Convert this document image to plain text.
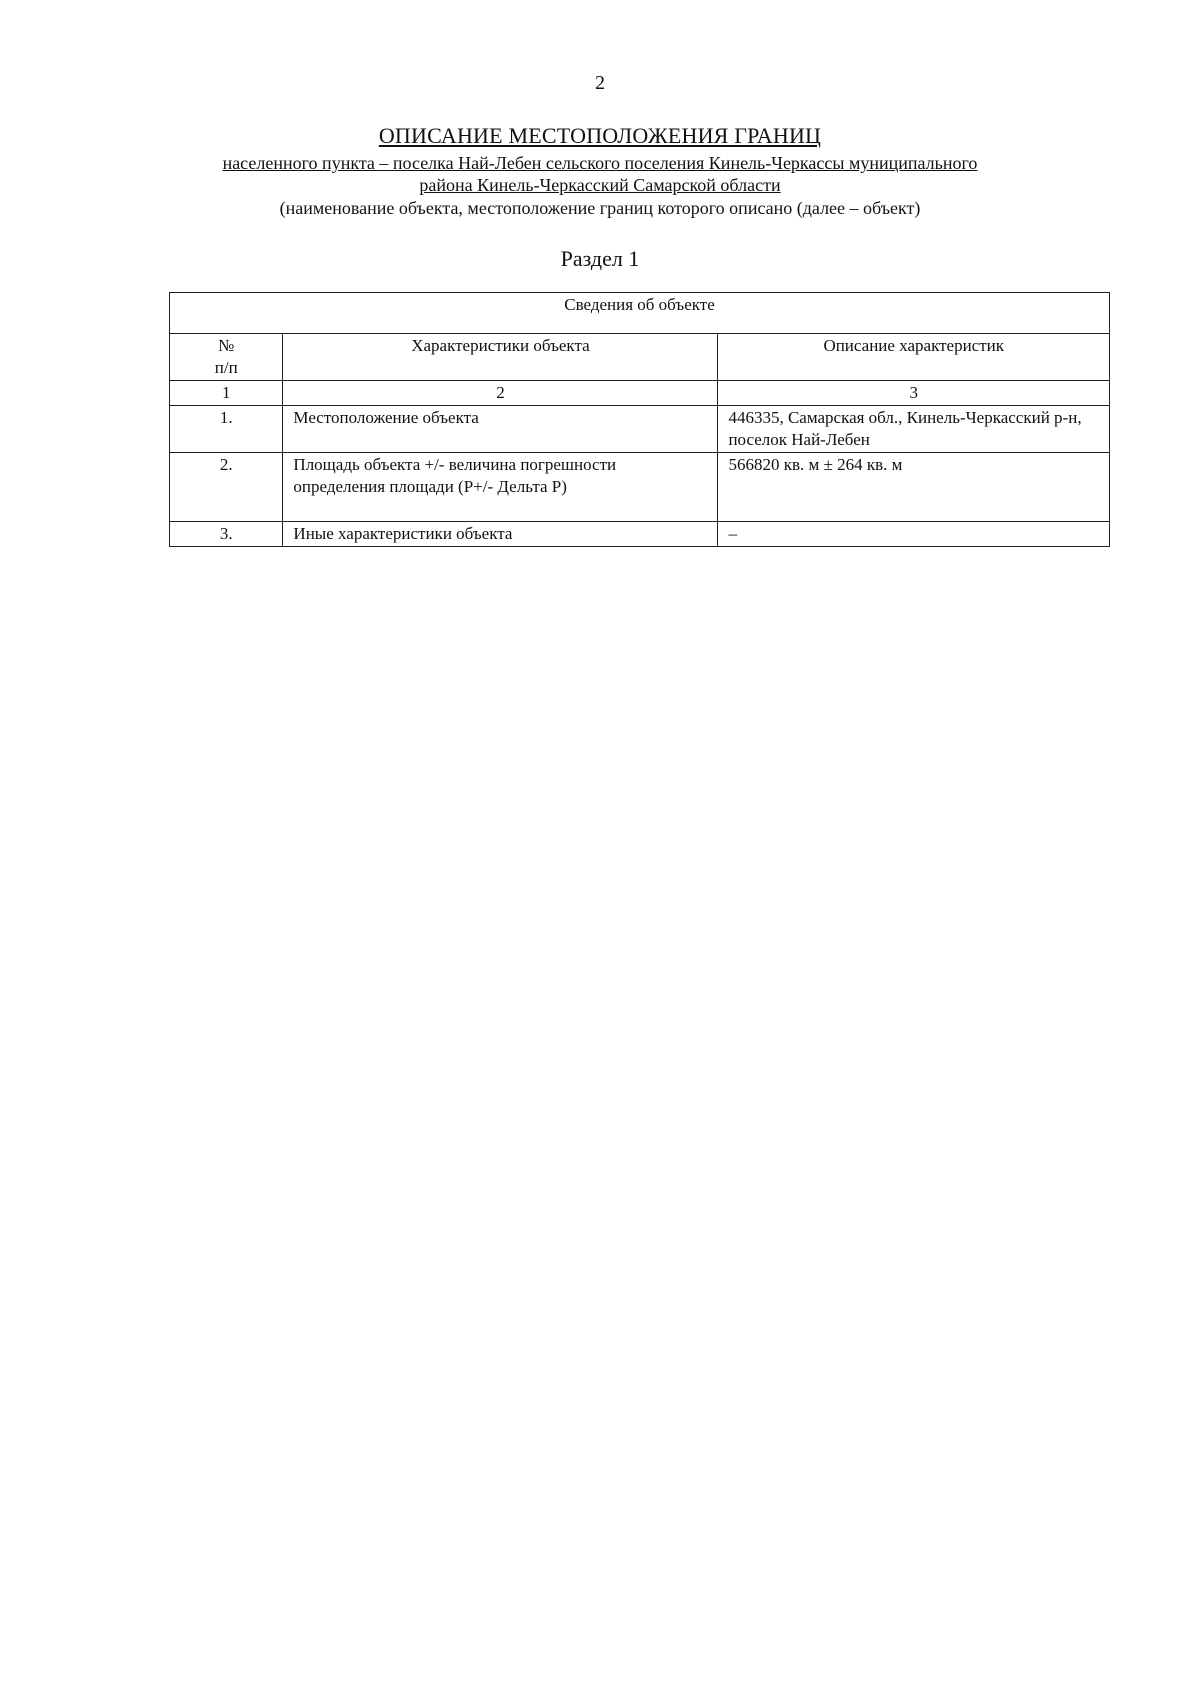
2
ОПИСАНИЕ МЕСТОПОЛОЖЕНИЯ ГРАНИЦ
населенного пункта – поселка Най-Лебен сельского поселения Кинель-Черкассы муниципального
района Кинель-Черкасский Самарской области
(наименование объекта, местоположение границ которого описано (далее – объект)
Раздел 1
Сведения об объекте		
№
п/п	Характеристики объекта	Описание характеристик
1	2	3
1.	Местоположение объекта	446335, Самарская обл., Кинель-Черкасский р-н, поселок Най-Лебен
2.	Площадь объекта +/- величина погрешности определения площади (Р+/- Дельта Р)	566820 кв. м ± 264 кв. м
3.	Иные характеристики объекта	–
